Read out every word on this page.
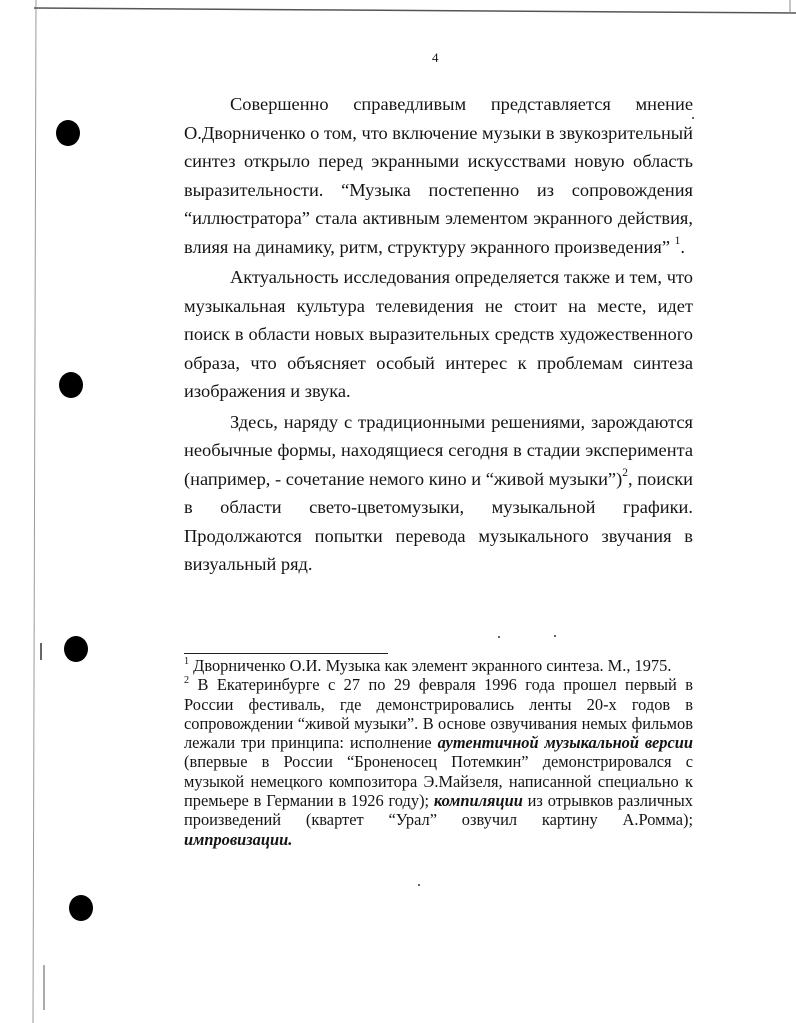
4

Совершенно справедливым представляется мнение О.Дворниченко о том, что включение музыки в звукозрительный синтез открыло перед экранными искусствами новую область выразительности. “Музыка постепенно из сопровождения “иллюстратора” стала активным элементом экранного действия, влияя на динамику, ритм, структуру экранного произведения” $^1$.

Актуальность исследования определяется также и тем, что музыкальная культура телевидения не стоит на месте, идет поиск в области новых выразительных средств художественного образа, что объясняет особый интерес к проблемам синтеза изображения и звука.

Здесь, наряду с традиционными решениями, зарождаются необычные формы, находящиеся сегодня в стадии эксперимента (например, - сочетание немого кино и “живой музыки”)$^2$, поиски в области свето-цветомузыки, музыкальной графики. Продолжаются попытки перевода музыкального звучания в визуальный ряд.

$^1$ Дворниченко О.И. Музыка как элемент экранного синтеза. М., 1975.

$^2$ В Екатеринбурге с 27 по 29 февраля 1996 года прошел первый в России фестиваль, где демонстрировались ленты 20-х годов в сопровождении “живой музыки”. В основе озвучивания немых фильмов лежали три принципа: исполнение аутентичной музыкальной версии (впервые в России “Броненосец Потемкин” демонстрировался с музыкой немецкого композитора Э.Майзеля, написанной специально к премьере в Германии в 1926 году); компиляции из отрывков различных произведений (квартет “Урал” озвучил картину А.Ромма); импровизации.
